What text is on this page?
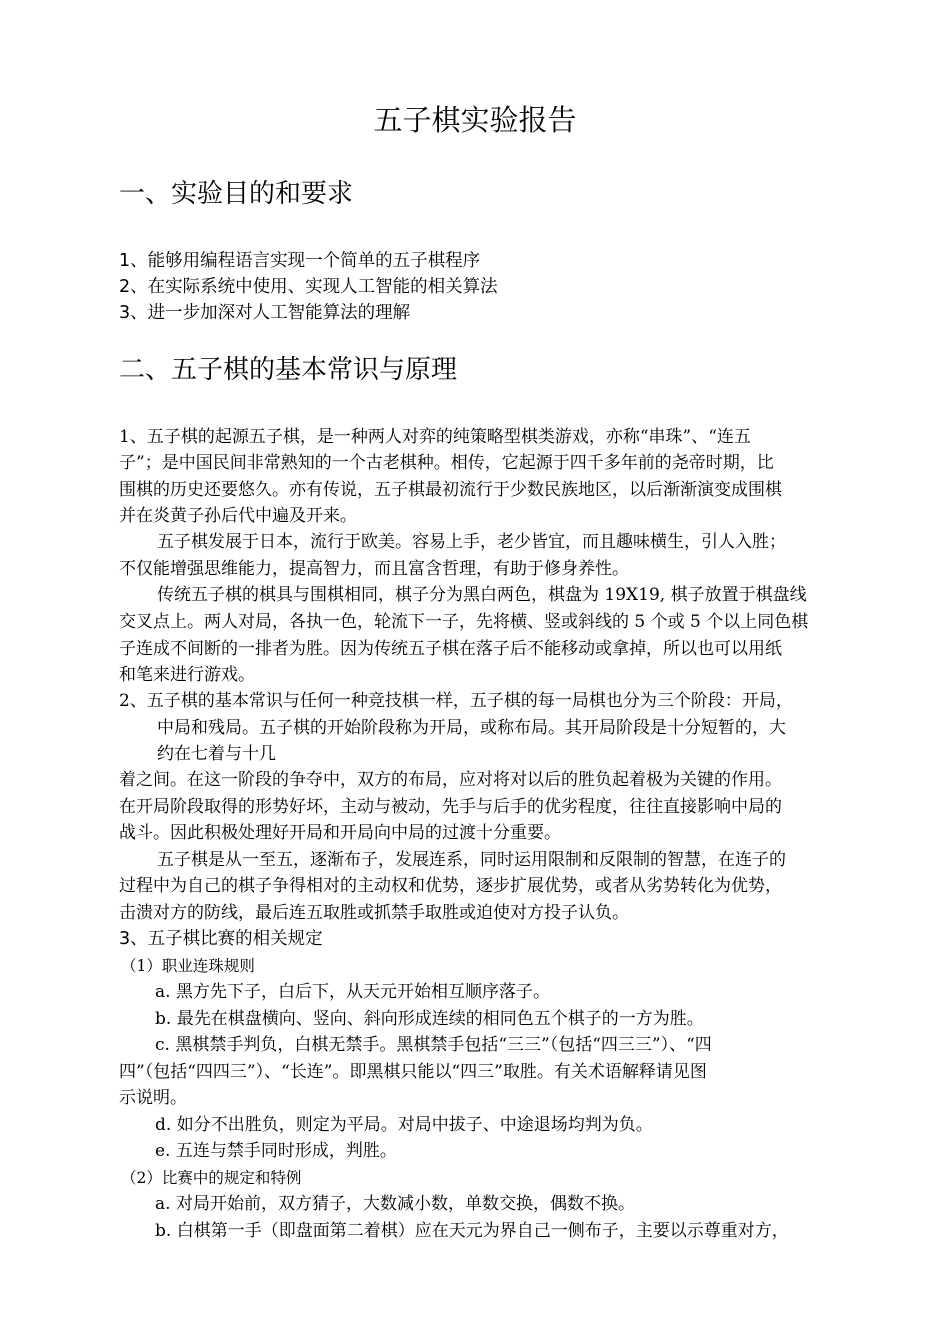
五子棋实验报告
一、实验目的和要求
1、能够用编程语言实现一个简单的五子棋程序
2、在实际系统中使用、实现人工智能的相关算法
3、进一步加深对人工智能算法的理解
二、五子棋的基本常识与原理
1、五子棋的起源五子棋，是一种两人对弈的纯策略型棋类游戏，亦称“串珠”、“连五
子”；是中国民间非常熟知的一个古老棋种。相传，它起源于四千多年前的尧帝时期，比
围棋的历史还要悠久。亦有传说，五子棋最初流行于少数民族地区，以后渐渐演变成围棋
并在炎黄子孙后代中遍及开来。
五子棋发展于日本，流行于欧美。容易上手，老少皆宜，而且趣味横生，引人入胜；
不仅能增强思维能力，提高智力，而且富含哲理，有助于修身养性。
传统五子棋的棋具与围棋相同，棋子分为黑白两色，棋盘为 19X19, 棋子放置于棋盘线
交叉点上。两人对局，各执一色，轮流下一子，先将横、竖或斜线的 5 个或 5 个以上同色棋
子连成不间断的一排者为胜。因为传统五子棋在落子后不能移动或拿掉，所以也可以用纸
和笔来进行游戏。
2、五子棋的基本常识与任何一种竞技棋一样，五子棋的每一局棋也分为三个阶段：开局，
中局和残局。五子棋的开始阶段称为开局，或称布局。其开局阶段是十分短暂的，大
约在七着与十几
着之间。在这一阶段的争夺中，双方的布局，应对将对以后的胜负起着极为关键的作用。
在开局阶段取得的形势好坏，主动与被动，先手与后手的优劣程度，往往直接影响中局的
战斗。因此积极处理好开局和开局向中局的过渡十分重要。
五子棋是从一至五，逐渐布子，发展连系，同时运用限制和反限制的智慧，在连子的
过程中为自己的棋子争得相对的主动权和优势，逐步扩展优势，或者从劣势转化为优势，
击溃对方的防线，最后连五取胜或抓禁手取胜或迫使对方投子认负。
3、五子棋比赛的相关规定
（1）职业连珠规则
a. 黑方先下子，白后下，从天元开始相互顺序落子。
b. 最先在棋盘横向、竖向、斜向形成连续的相同色五个棋子的一方为胜。
c. 黑棋禁手判负，白棋无禁手。黑棋禁手包括“三三”（包括“四三三”）、“四
四”（包括“四四三”）、“长连”。即黑棋只能以“四三”取胜。有关术语解释请见图
示说明。
d. 如分不出胜负，则定为平局。对局中拔子、中途退场均判为负。
e. 五连与禁手同时形成，判胜。
（2）比赛中的规定和特例
a. 对局开始前，双方猜子，大数减小数，单数交换，偶数不换。
b. 白棋第一手（即盘面第二着棋）应在天元为界自己一侧布子，主要以示尊重对方，
